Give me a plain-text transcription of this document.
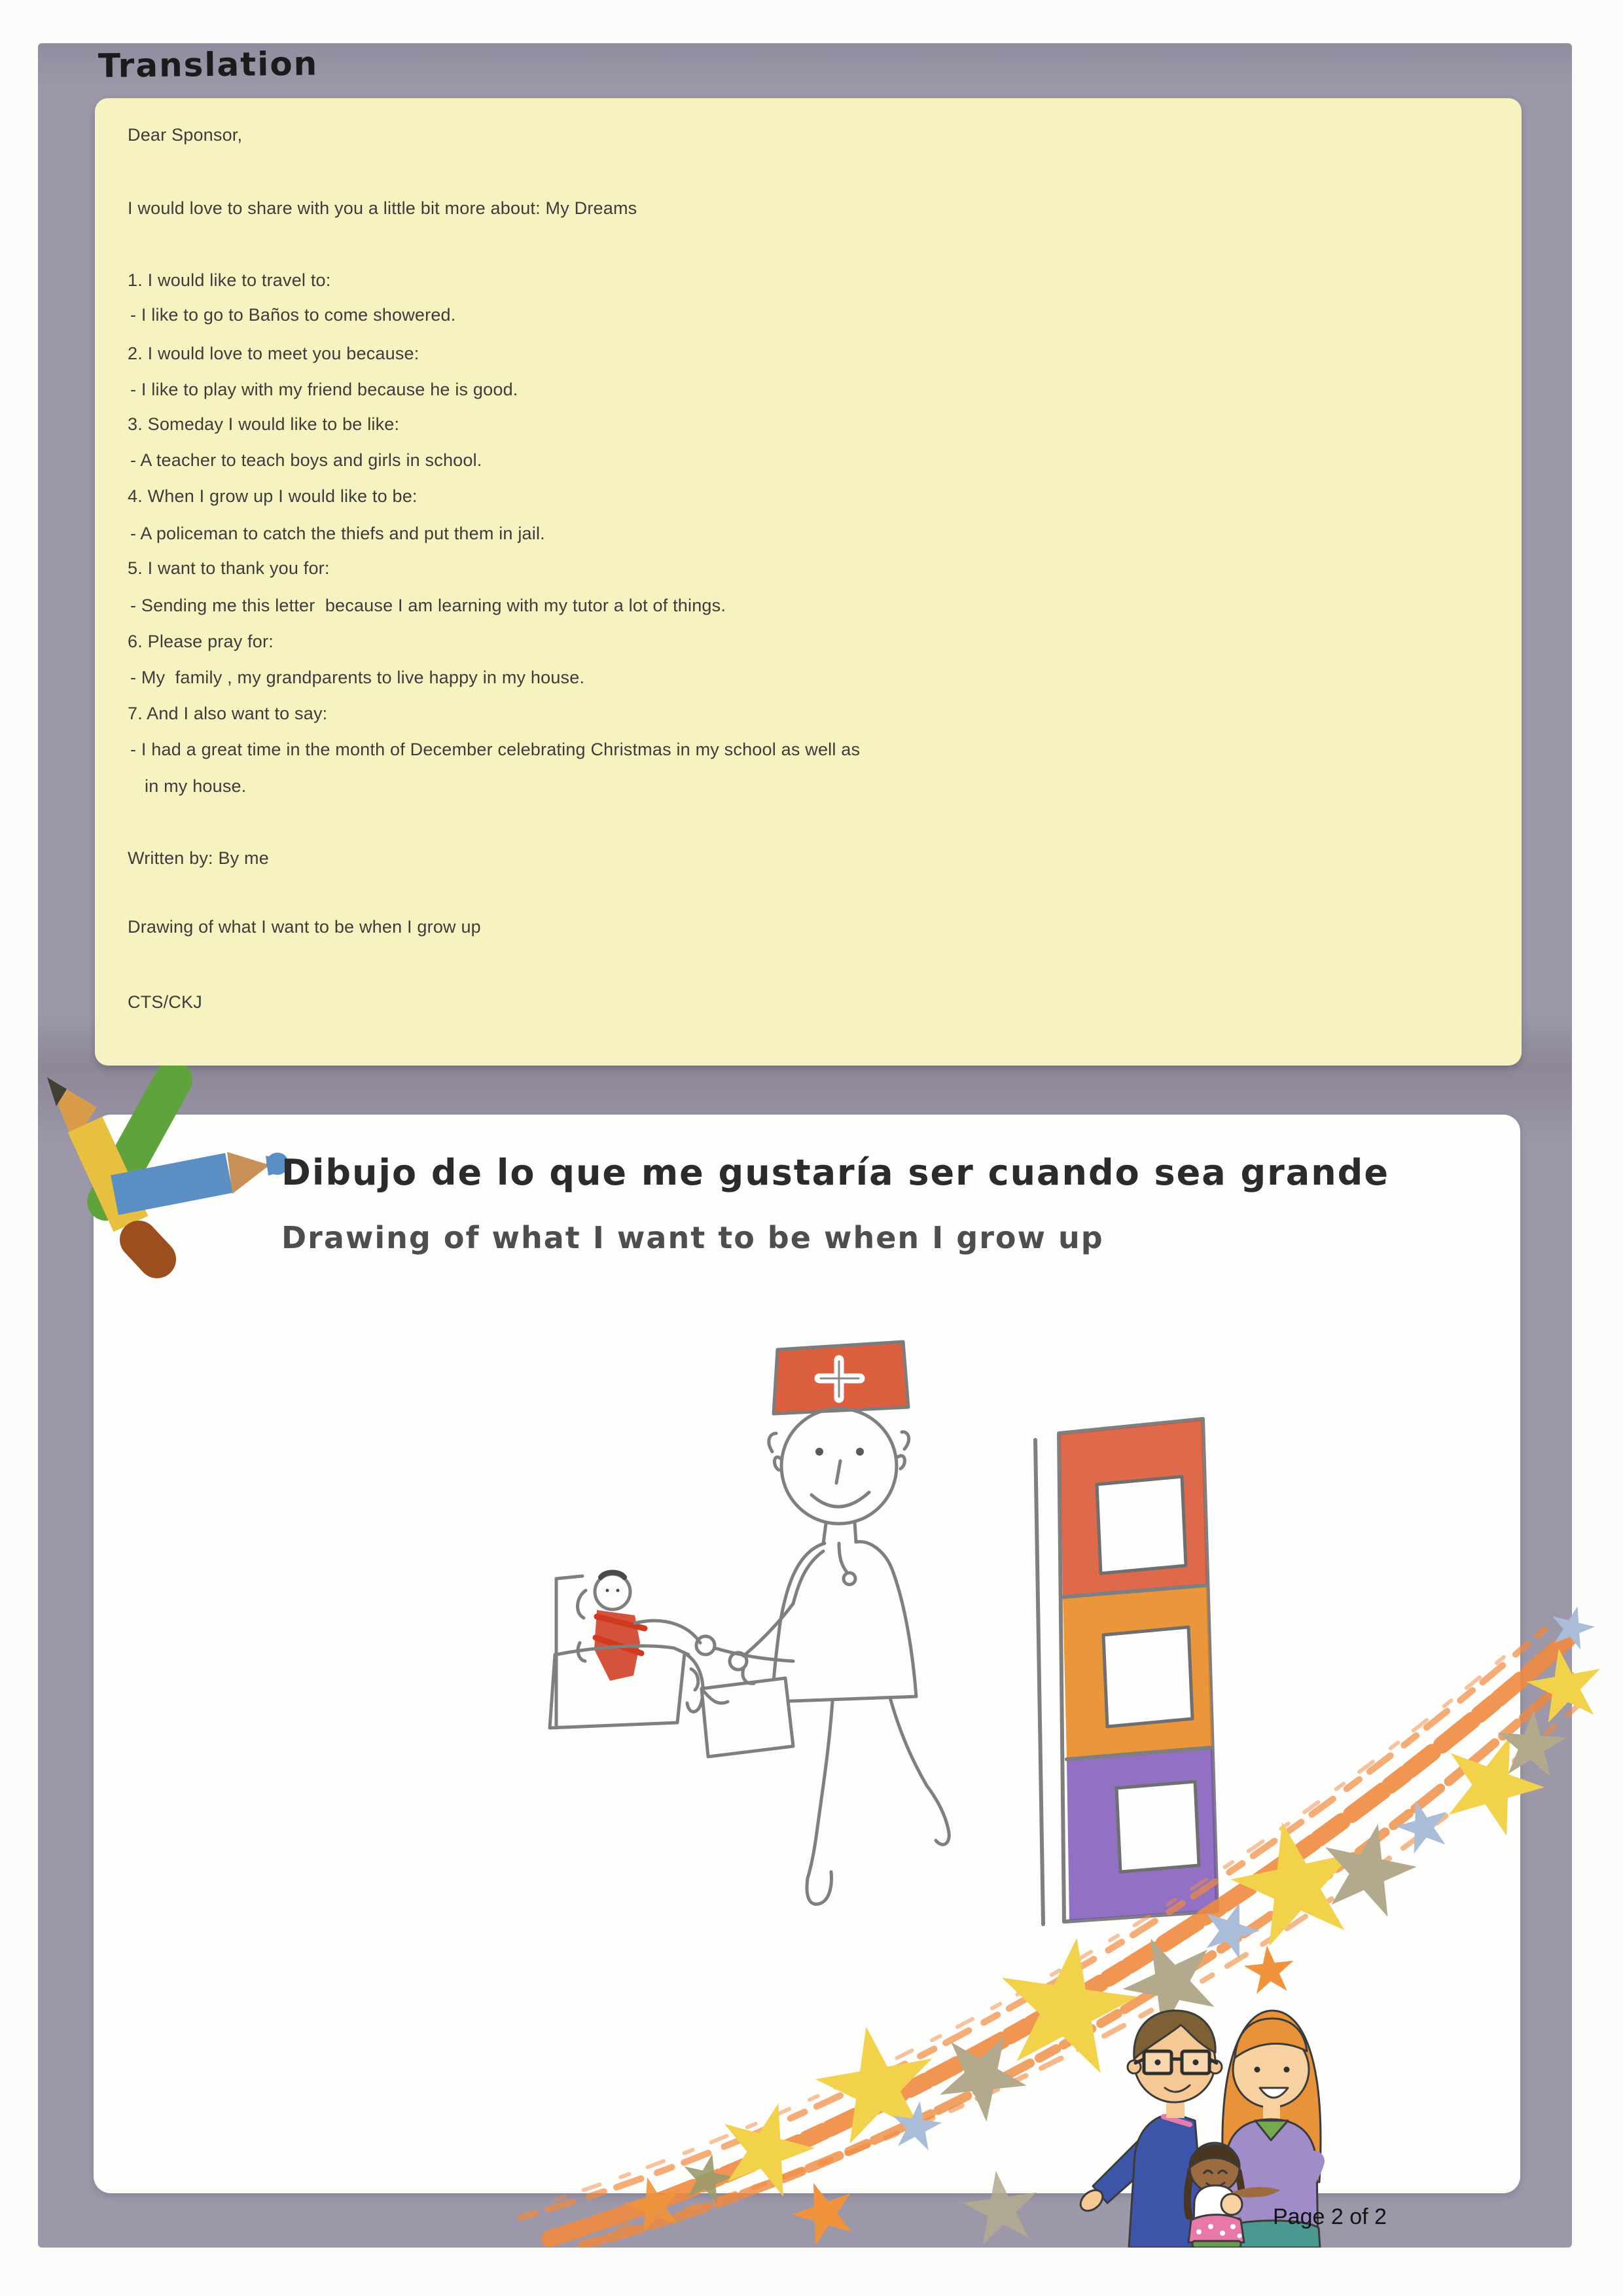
Translation
Dear Sponsor,
I would love to share with you a little bit more about: My Dreams
1. I would like to travel to:
- I like to go to Baños to come showered.
2. I would love to meet you because:
- I like to play with my friend because he is good.
3. Someday I would like to be like:
- A teacher to teach boys and girls in school.
4. When I grow up I would like to be:
- A policeman to catch the thiefs and put them in jail.
5. I want to thank you for:
- Sending me this letter  because I am learning with my tutor a lot of things.
6. Please pray for:
- My  family , my grandparents to live happy in my house.
7. And I also want to say:
- I had a great time in the month of December celebrating Christmas in my school as well as
in my house.
Written by: By me
Drawing of what I want to be when I grow up
CTS/CKJ
Dibujo de lo que me gustaría ser cuando sea grande
Drawing of what I want to be when I grow up
Page 2 of 2
